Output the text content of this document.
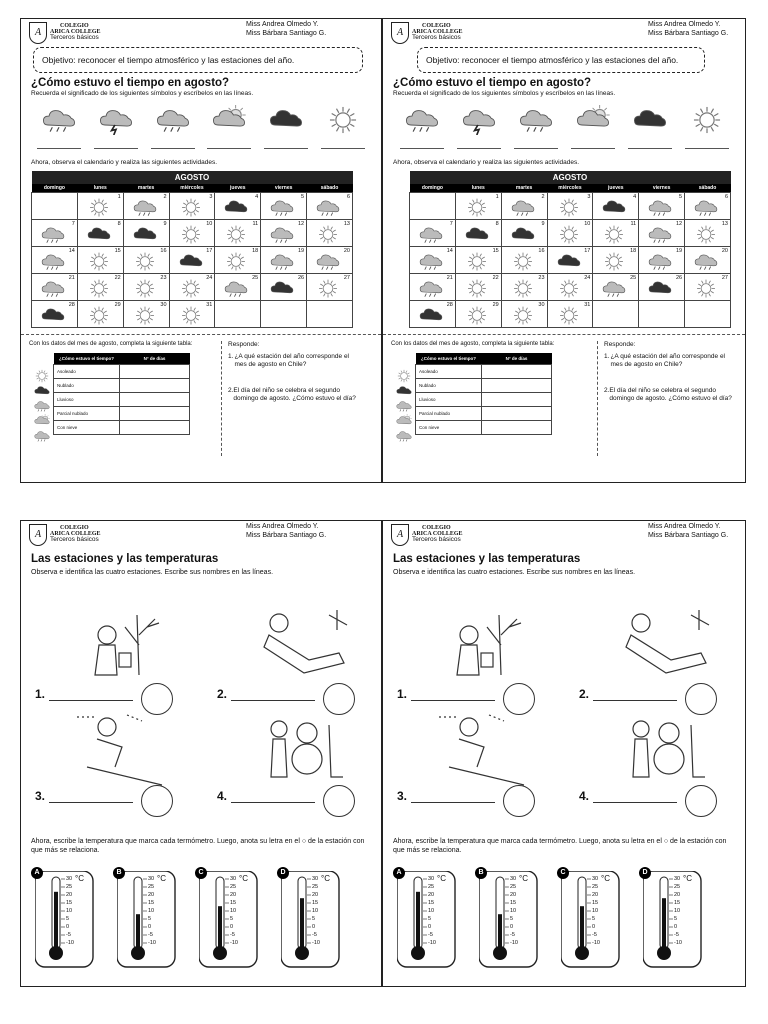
A
COLEGIO
ARICA COLLEGE
Terceros básicos
Miss Andrea Olmedo Y.
Miss Bárbara Santiago G.
Objetivo: reconocer el tiempo atmosférico y las estaciones del año.
¿Cómo estuvo el tiempo en agosto?
Recuerda el significado de los siguientes símbolos y escríbelos en las líneas.
Ahora, observa el calendario y realiza las siguientes actividades.
AGOSTO						
domingo	lunes	martes	miércoles	jueves	viernes	sábado

	1	2	3	4	5	6

7	8	9	10	11	12	13

14	15	16	17	18	19	20

21	22	23	24	25	26	27

28	29	30	31			

Con los datos del mes de agosto, completa la siguiente tabla:
¿Cómo estuvo el tiempo?	N° de días
Asoleado	
Nublado	
Lluvioso	
Parcial nublado	
Con nieve	
Responde:
1. ¿A qué estación del año corresponde el mes de agosto en Chile?
2. El día del niño se celebra el segundo domingo de agosto. ¿Cómo estuvo el día?
A
COLEGIO
ARICA COLLEGE
Terceros básicos
Miss Andrea Olmedo Y.
Miss Bárbara Santiago G.
Objetivo: reconocer el tiempo atmosférico y las estaciones del año.
¿Cómo estuvo el tiempo en agosto?
Recuerda el significado de los siguientes símbolos y escríbelos en las líneas.
Ahora, observa el calendario y realiza las siguientes actividades.
AGOSTO						
domingo	lunes	martes	miércoles	jueves	viernes	sábado

	1	2	3	4	5	6

7	8	9	10	11	12	13

14	15	16	17	18	19	20

21	22	23	24	25	26	27

28	29	30	31			

Con los datos del mes de agosto, completa la siguiente tabla:
¿Cómo estuvo el tiempo?	N° de días
Asoleado	
Nublado	
Lluvioso	
Parcial nublado	
Con nieve	
Responde:
1. ¿A qué estación del año corresponde el mes de agosto en Chile?
2. El día del niño se celebra el segundo domingo de agosto. ¿Cómo estuvo el día?
A
COLEGIO
ARICA COLLEGE
Terceros básicos
Miss Andrea Olmedo Y.
Miss Bárbara Santiago G.
Las estaciones y las temperaturas
Observa e identifica las cuatro estaciones. Escribe sus nombres en las líneas.
1.	2.
3.	4.
Ahora, escribe la temperatura que marca cada termómetro. Luego, anota su letra en el ○ de la estación con que más se relaciona.
A
°C
30
25
20
15
10
5
0
-5
-10
B
°C
30
25
20
15
10
5
0
-5
-10
C
°C
30
25
20
15
10
5
0
-5
-10
D
°C
30
25
20
15
10
5
0
-5
-10
A
COLEGIO
ARICA COLLEGE
Terceros básicos
Miss Andrea Olmedo Y.
Miss Bárbara Santiago G.
Las estaciones y las temperaturas
Observa e identifica las cuatro estaciones. Escribe sus nombres en las líneas.
1.	2.
3.	4.
Ahora, escribe la temperatura que marca cada termómetro. Luego, anota su letra en el ○ de la estación con que más se relaciona.
A
°C
30
25
20
15
10
5
0
-5
-10
B
°C
30
25
20
15
10
5
0
-5
-10
C
°C
30
25
20
15
10
5
0
-5
-10
D
°C
30
25
20
15
10
5
0
-5
-10
